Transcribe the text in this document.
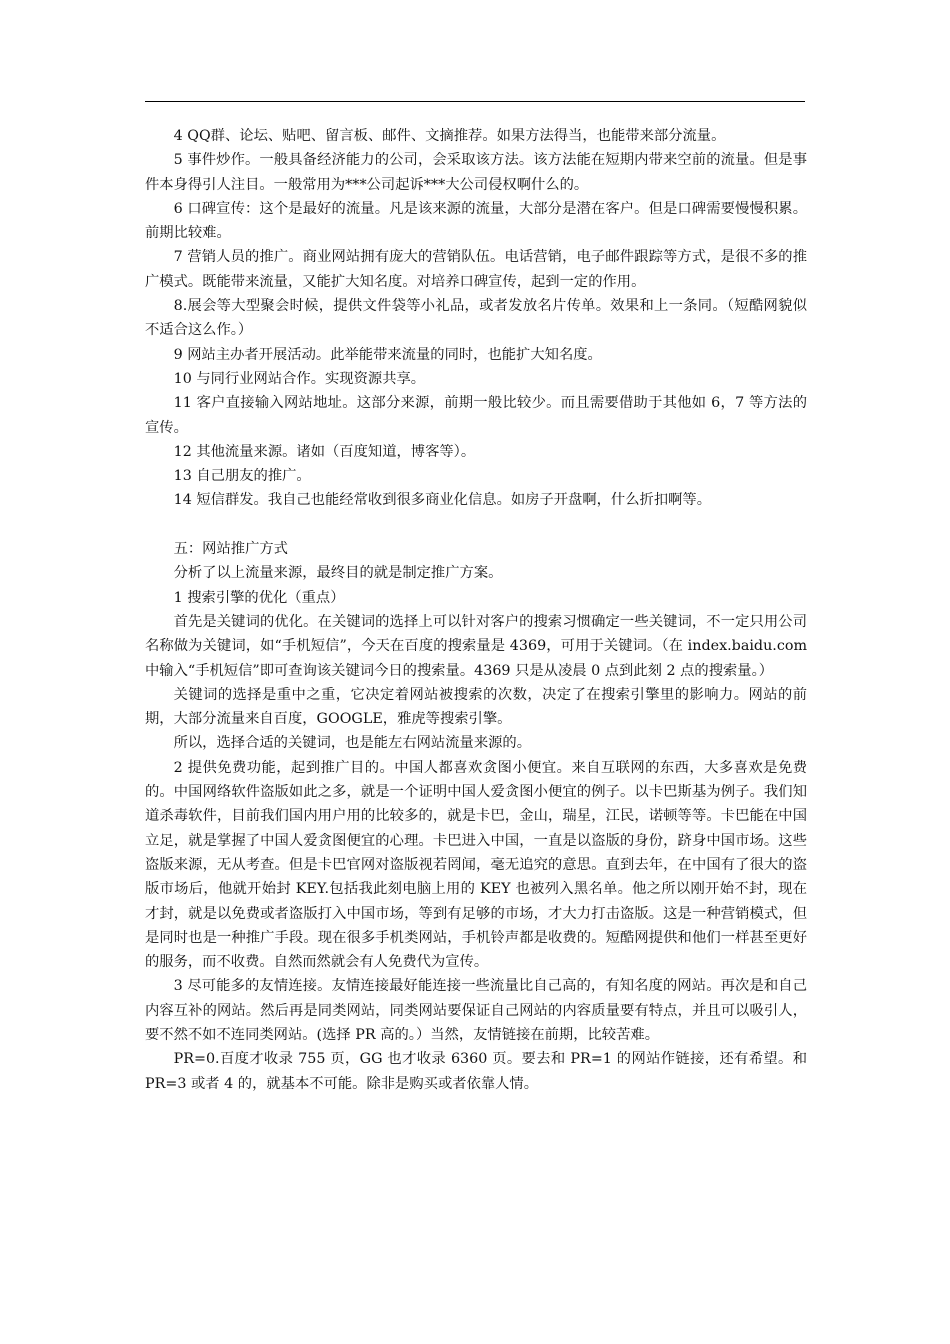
4 QQ群、论坛、贴吧、留言板、邮件、文摘推荐。如果方法得当，也能带来部分流量。

5 事件炒作。一般具备经济能力的公司，会采取该方法。该方法能在短期内带来空前的流量。但是事件本身得引人注目。一般常用为***公司起诉***大公司侵权啊什么的。

6 口碑宣传：这个是最好的流量。凡是该来源的流量，大部分是潜在客户。但是口碑需要慢慢积累。前期比较难。

7 营销人员的推广。商业网站拥有庞大的营销队伍。电话营销，电子邮件跟踪等方式，是很不多的推广模式。既能带来流量，又能扩大知名度。对培养口碑宣传，起到一定的作用。

8.展会等大型聚会时候，提供文件袋等小礼品，或者发放名片传单。效果和上一条同。（短酷网貌似不适合这么作。）

9 网站主办者开展活动。此举能带来流量的同时，也能扩大知名度。

10 与同行业网站合作。实现资源共享。

11 客户直接输入网站地址。这部分来源，前期一般比较少。而且需要借助于其他如 6，7 等方法的宣传。

12 其他流量来源。诸如（百度知道，博客等）。

13 自己朋友的推广。

14 短信群发。我自己也能经常收到很多商业化信息。如房子开盘啊，什么折扣啊等。

五：网站推广方式

分析了以上流量来源，最终目的就是制定推广方案。

1 搜索引擎的优化（重点）

首先是关键词的优化。在关键词的选择上可以针对客户的搜索习惯确定一些关键词，不一定只用公司名称做为关键词，如“手机短信”，今天在百度的搜索量是 4369，可用于关键词。（在 index.baidu.com 中输入“手机短信”即可查询该关键词今日的搜索量。4369 只是从凌晨 0 点到此刻 2 点的搜索量。）

关键词的选择是重中之重，它决定着网站被搜索的次数，决定了在搜索引擎里的影响力。网站的前期，大部分流量来自百度，GOOGLE，雅虎等搜索引擎。

所以，选择合适的关键词，也是能左右网站流量来源的。

2 提供免费功能，起到推广目的。中国人都喜欢贪图小便宜。来自互联网的东西，大多喜欢是免费的。中国网络软件盗版如此之多，就是一个证明中国人爱贪图小便宜的例子。以卡巴斯基为例子。我们知道杀毒软件，目前我们国内用户用的比较多的，就是卡巴，金山，瑞星，江民，诺顿等等。卡巴能在中国立足，就是掌握了中国人爱贪图便宜的心理。卡巴进入中国，一直是以盗版的身份，跻身中国市场。这些盗版来源，无从考查。但是卡巴官网对盗版视若罔闻，毫无追究的意思。直到去年，在中国有了很大的盗版市场后，他就开始封 KEY.包括我此刻电脑上用的 KEY 也被列入黑名单。他之所以刚开始不封，现在才封，就是以免费或者盗版打入中国市场，等到有足够的市场，才大力打击盗版。这是一种营销模式，但是同时也是一种推广手段。现在很多手机类网站，手机铃声都是收费的。短酷网提供和他们一样甚至更好的服务，而不收费。自然而然就会有人免费代为宣传。

3 尽可能多的友情连接。友情连接最好能连接一些流量比自己高的，有知名度的网站。再次是和自己内容互补的网站。然后再是同类网站，同类网站要保证自己网站的内容质量要有特点，并且可以吸引人，要不然不如不连同类网站。(选择 PR 高的。）当然，友情链接在前期，比较苦难。

PR=0.百度才收录 755 页，GG 也才收录 6360 页。要去和 PR=1 的网站作链接，还有希望。和 PR=3 或者 4 的，就基本不可能。除非是购买或者依靠人情。
